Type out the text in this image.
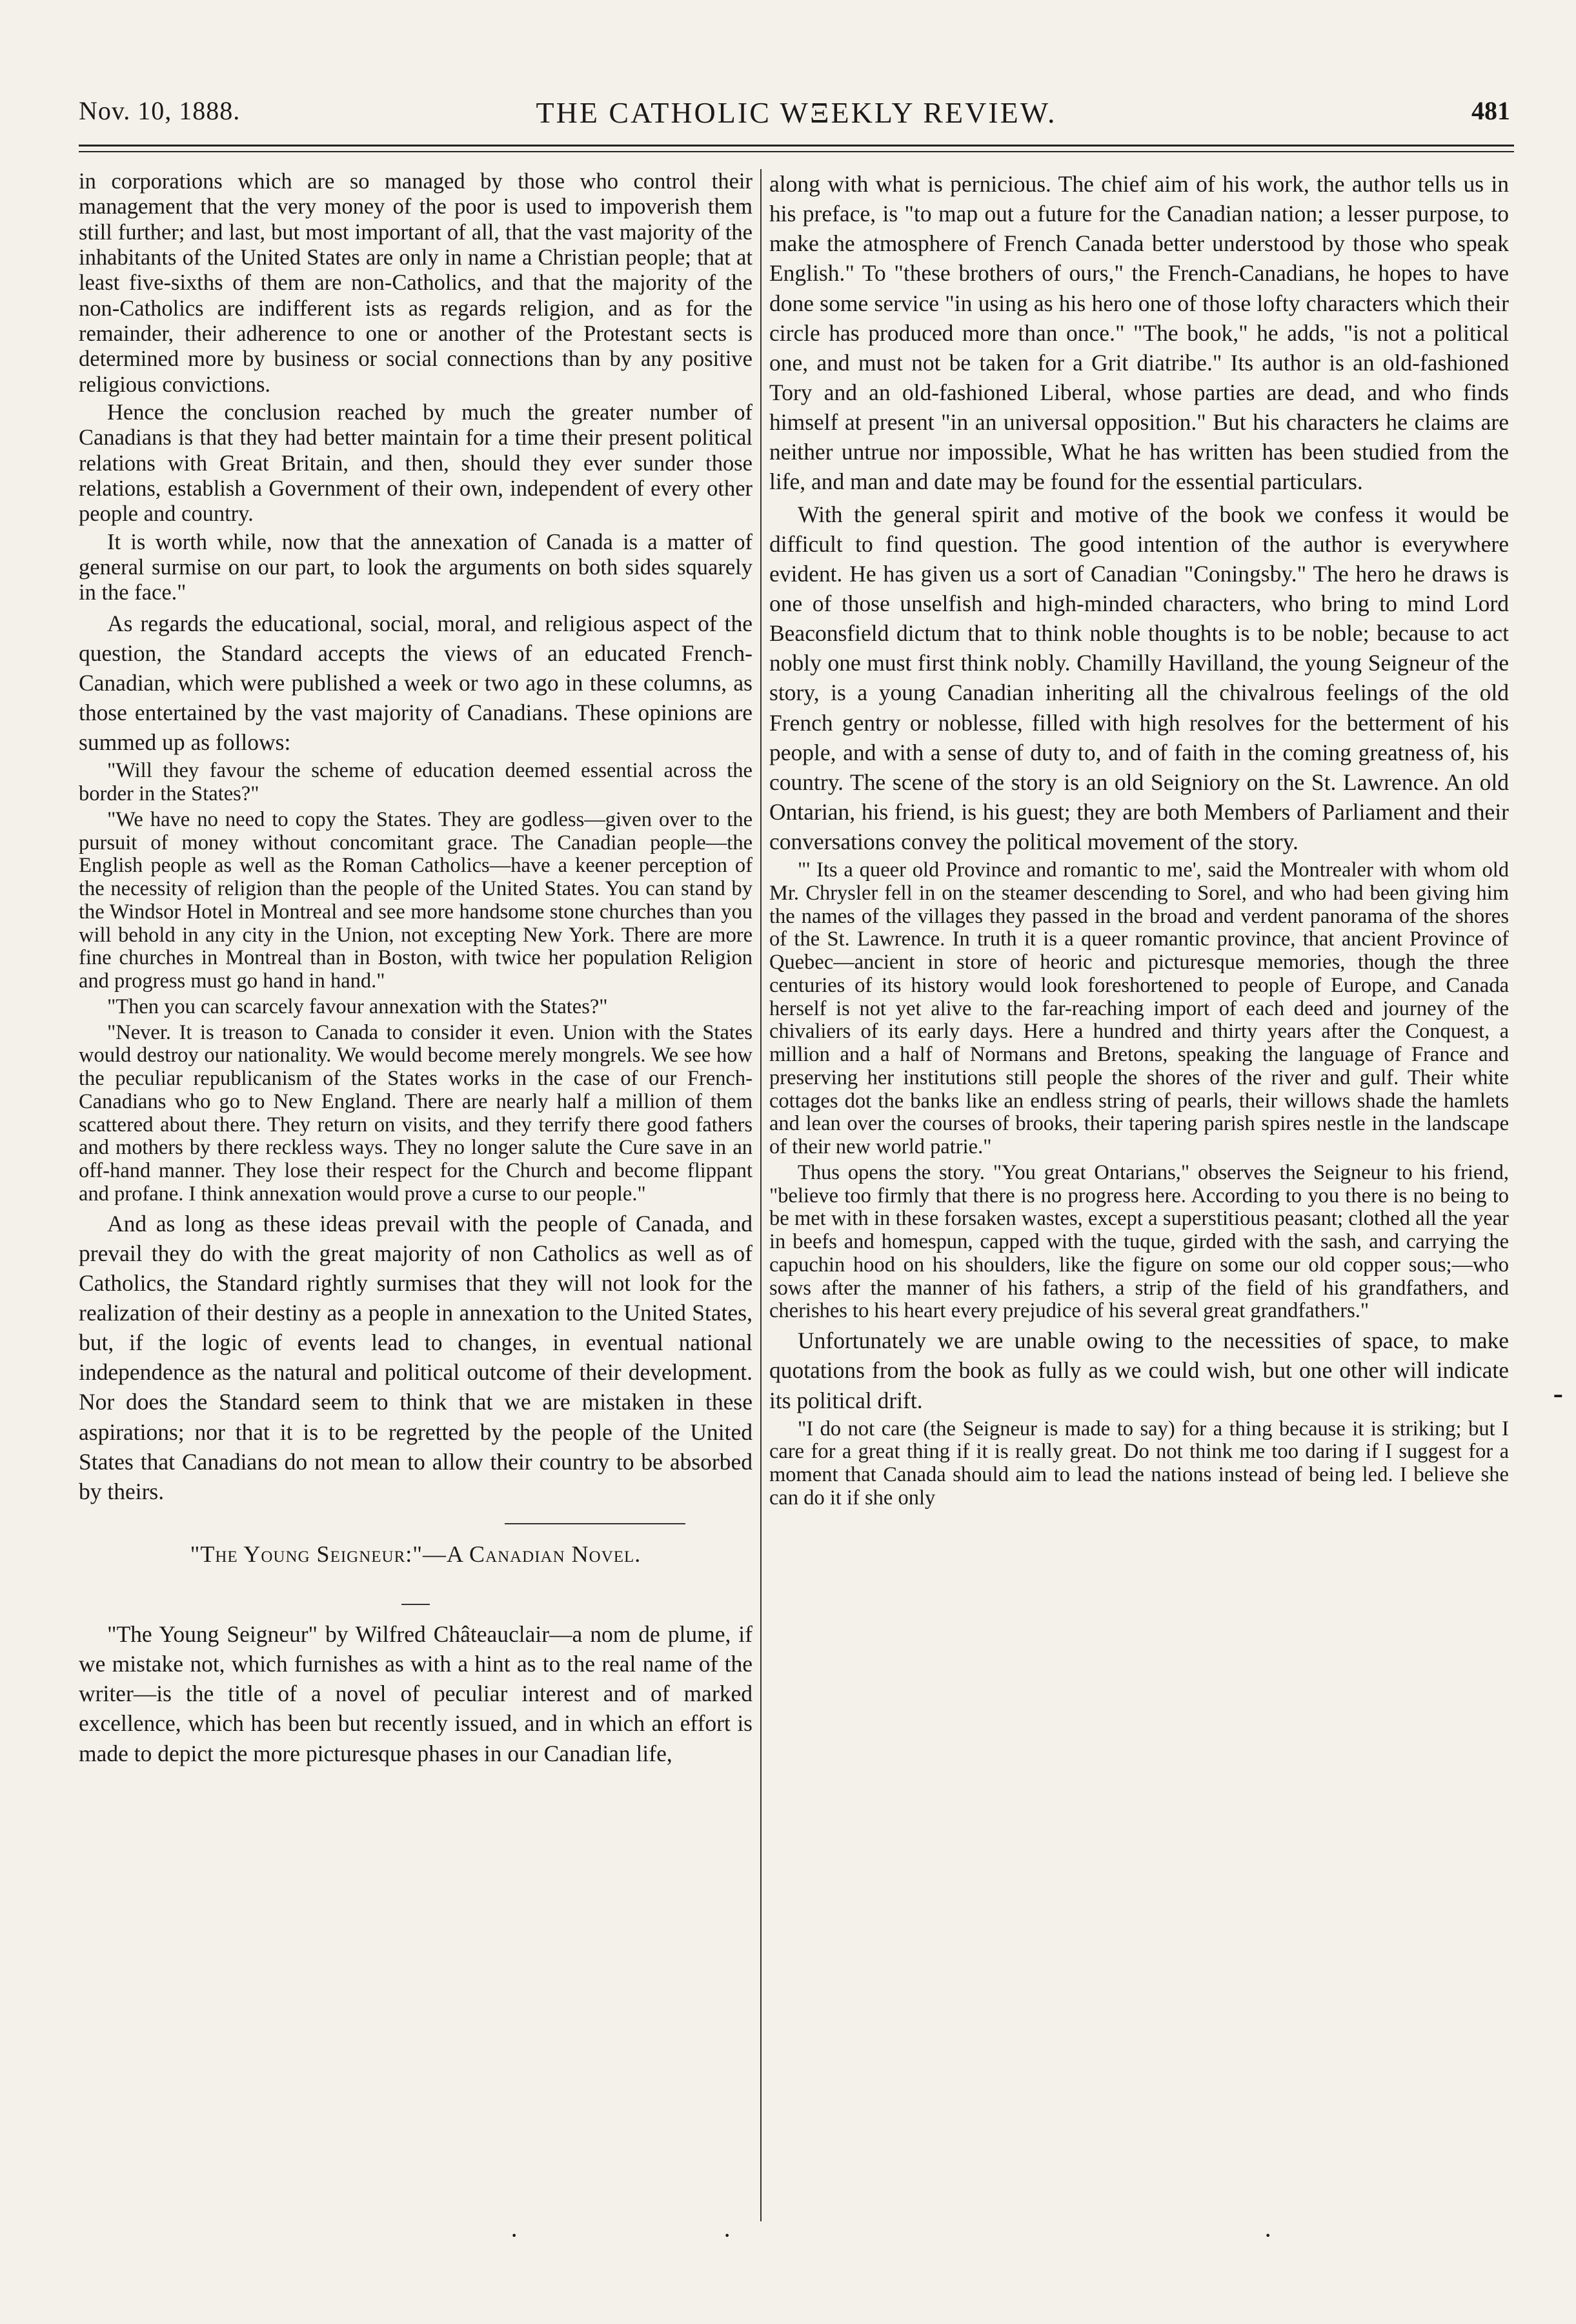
Nov. 10, 1888.	THE CATHOLIC WΞEKLY REVIEW.	481

in corporations which are so managed by those who control their management that the very money of the poor is used to impoverish them still further; and last, but most important of all, that the vast majority of the inhabitants of the United States are only in name a Christian people; that at least five-sixths of them are non-Catholics, and that the majority of the non-Catholics are indifferent ists as regards religion, and as for the remainder, their adherence to one or another of the Protestant sects is determined more by business or social connections than by any positive religious convictions.

Hence the conclusion reached by much the greater number of Canadians is that they had better maintain for a time their present political relations with Great Britain, and then, should they ever sunder those relations, establish a Government of their own, independent of every other people and country.

It is worth while, now that the annexation of Canada is a matter of general surmise on our part, to look the arguments on both sides squarely in the face."

As regards the educational, social, moral, and religious aspect of the question, the Standard accepts the views of an educated French-Canadian, which were published a week or two ago in these columns, as those entertained by the vast majority of Canadians. These opinions are summed up as follows:

"Will they favour the scheme of education deemed essential across the border in the States?"

"We have no need to copy the States. They are godless—given over to the pursuit of money without concomitant grace. The Canadian people—the English people as well as the Roman Catholics—have a keener perception of the necessity of religion than the people of the United States. You can stand by the Windsor Hotel in Montreal and see more handsome stone churches than you will behold in any city in the Union, not excepting New York. There are more fine churches in Montreal than in Boston, with twice her population Religion and progress must go hand in hand."

"Then you can scarcely favour annexation with the States?"

"Never. It is treason to Canada to consider it even. Union with the States would destroy our nationality. We would become merely mongrels. We see how the peculiar republicanism of the States works in the case of our French-Canadians who go to New England. There are nearly half a million of them scattered about there. They return on visits, and they terrify there good fathers and mothers by there reckless ways. They no longer salute the Cure save in an off-hand manner. They lose their respect for the Church and become flippant and profane. I think annexation would prove a curse to our people."

And as long as these ideas prevail with the people of Canada, and prevail they do with the great majority of non Catholics as well as of Catholics, the Standard rightly surmises that they will not look for the realization of their destiny as a people in annexation to the United States, but, if the logic of events lead to changes, in eventual national independence as the natural and political outcome of their development. Nor does the Standard seem to think that we are mistaken in these aspirations; nor that it is to be regretted by the people of the United States that Canadians do not mean to allow their country to be absorbed by theirs.

"The Young Seigneur:"—A Canadian Novel.

"The Young Seigneur" by Wilfred Châteauclair—a nom de plume, if we mistake not, which furnishes as with a hint as to the real name of the writer—is the title of a novel of peculiar interest and of marked excellence, which has been but recently issued, and in which an effort is made to depict the more picturesque phases in our Canadian life,

along with what is pernicious. The chief aim of his work, the author tells us in his preface, is "to map out a future for the Canadian nation; a lesser purpose, to make the atmosphere of French Canada better understood by those who speak English." To "these brothers of ours," the French-Canadians, he hopes to have done some service "in using as his hero one of those lofty characters which their circle has produced more than once." "The book," he adds, "is not a political one, and must not be taken for a Grit diatribe." Its author is an old-fashioned Tory and an old-fashioned Liberal, whose parties are dead, and who finds himself at present "in an universal opposition." But his characters he claims are neither untrue nor impossible, What he has written has been studied from the life, and man and date may be found for the essential particulars.

With the general spirit and motive of the book we confess it would be difficult to find question. The good intention of the author is everywhere evident. He has given us a sort of Canadian "Coningsby." The hero he draws is one of those unselfish and high-minded characters, who bring to mind Lord Beaconsfield dictum that to think noble thoughts is to be noble; because to act nobly one must first think nobly. Chamilly Havilland, the young Seigneur of the story, is a young Canadian inheriting all the chivalrous feelings of the old French gentry or noblesse, filled with high resolves for the betterment of his people, and with a sense of duty to, and of faith in the coming greatness of, his country. The scene of the story is an old Seigniory on the St. Lawrence. An old Ontarian, his friend, is his guest; they are both Members of Parliament and their conversations convey the political movement of the story.

"' Its a queer old Province and romantic to me', said the Montrealer with whom old Mr. Chrysler fell in on the steamer descending to Sorel, and who had been giving him the names of the villages they passed in the broad and verdent panorama of the shores of the St. Lawrence. In truth it is a queer romantic province, that ancient Province of Quebec—ancient in store of heoric and picturesque memories, though the three centuries of its history would look foreshortened to people of Europe, and Canada herself is not yet alive to the far-reaching import of each deed and journey of the chivaliers of its early days. Here a hundred and thirty years after the Conquest, a million and a half of Normans and Bretons, speaking the language of France and preserving her institutions still people the shores of the river and gulf. Their white cottages dot the banks like an endless string of pearls, their willows shade the hamlets and lean over the courses of brooks, their tapering parish spires nestle in the landscape of their new world patrie."

Thus opens the story. "You great Ontarians," observes the Seigneur to his friend, "believe too firmly that there is no progress here. According to you there is no being to be met with in these forsaken wastes, except a superstitious peasant; clothed all the year in beefs and homespun, capped with the tuque, girded with the sash, and carrying the capuchin hood on his shoulders, like the figure on some our old copper sous;—who sows after the manner of his fathers, a strip of the field of his grandfathers, and cherishes to his heart every prejudice of his several great grandfathers."

Unfortunately we are unable owing to the necessities of space, to make quotations from the book as fully as we could wish, but one other will indicate its political drift.

"I do not care (the Seigneur is made to say) for a thing because it is striking; but I care for a great thing if it is really great. Do not think me too daring if I suggest for a moment that Canada should aim to lead the nations instead of being led. I believe she can do it if she only

-
·	·	·
